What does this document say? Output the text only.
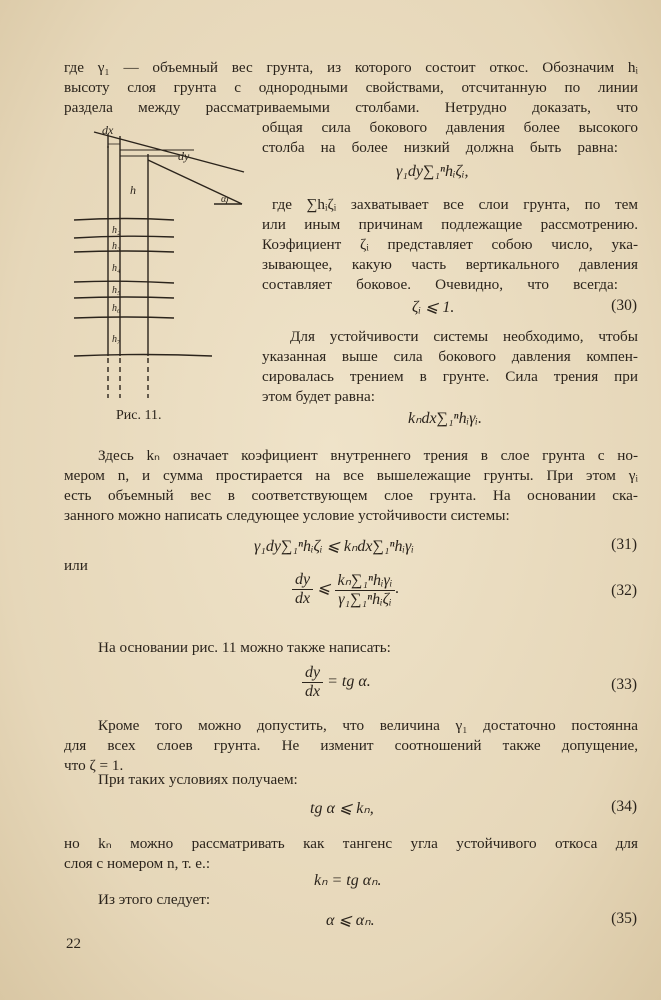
где γ₁ — объемный вес грунта, из которого состоит откос. Обозначим hᵢ
высоту слоя грунта с однородными свойствами, отсчитанную по линии
раздела между рассматриваемыми столбами. Нетрудно доказать, что
общая сила бокового давления более высокого
столба на более низкий должна быть равна:
γ₁dy∑₁ⁿhᵢζᵢ,
где ∑hᵢζᵢ захватывает все слои грунта, по тем
или иным причинам подлежащие рассмотрению.
Коэфициент ζᵢ представляет собою число, ука-
зывающее, какую часть вертикального давления
составляет боковое. Очевидно, что всегда:
ζᵢ ⩽ 1.	(30)
Для устойчивости системы необходимо, чтобы
указанная выше сила бокового давления компен-
сировалась трением в грунте. Сила трения при
этом будет равна:
kₙdx∑₁ⁿhᵢγᵢ.
dx
dy
h
h₂
h₃
h₄
h₅
h₆
h₇
α
Рис. 11.
Здесь kₙ означает коэфициент внутреннего трения в слое грунта с но-
мером n, и сумма простирается на все вышележащие грунты. При этом γᵢ
есть объемный вес в соответствующем слое грунта. На основании ска-
занного можно написать следующее условие устойчивости системы:
γ₁dy∑₁ⁿhᵢζᵢ ⩽ kₙdx∑₁ⁿhᵢγᵢ	(31)
или
$\frac{dy}{dx}$ ⩽ $\frac{\text{kₙ∑₁ⁿhᵢγᵢ}}{\text{γ₁∑₁ⁿhᵢζᵢ}}$ .	(32)
На основании рис. 11 можно также написать:
$\frac{dy}{dx}$ = tg α.	(33)
Кроме того можно допустить, что величина γ₁ достаточно постоянна
для всех слоев грунта. Не изменит соотношений также допущение,
что ζ = 1.
При таких условиях получаем:
tg α ⩽ kₙ,	(34)
но kₙ можно рассматривать как тангенс угла устойчивого откоса для
слоя с номером n, т. е.:
kₙ = tg αₙ.
Из этого следует:
α ⩽ αₙ.	(35)
22
